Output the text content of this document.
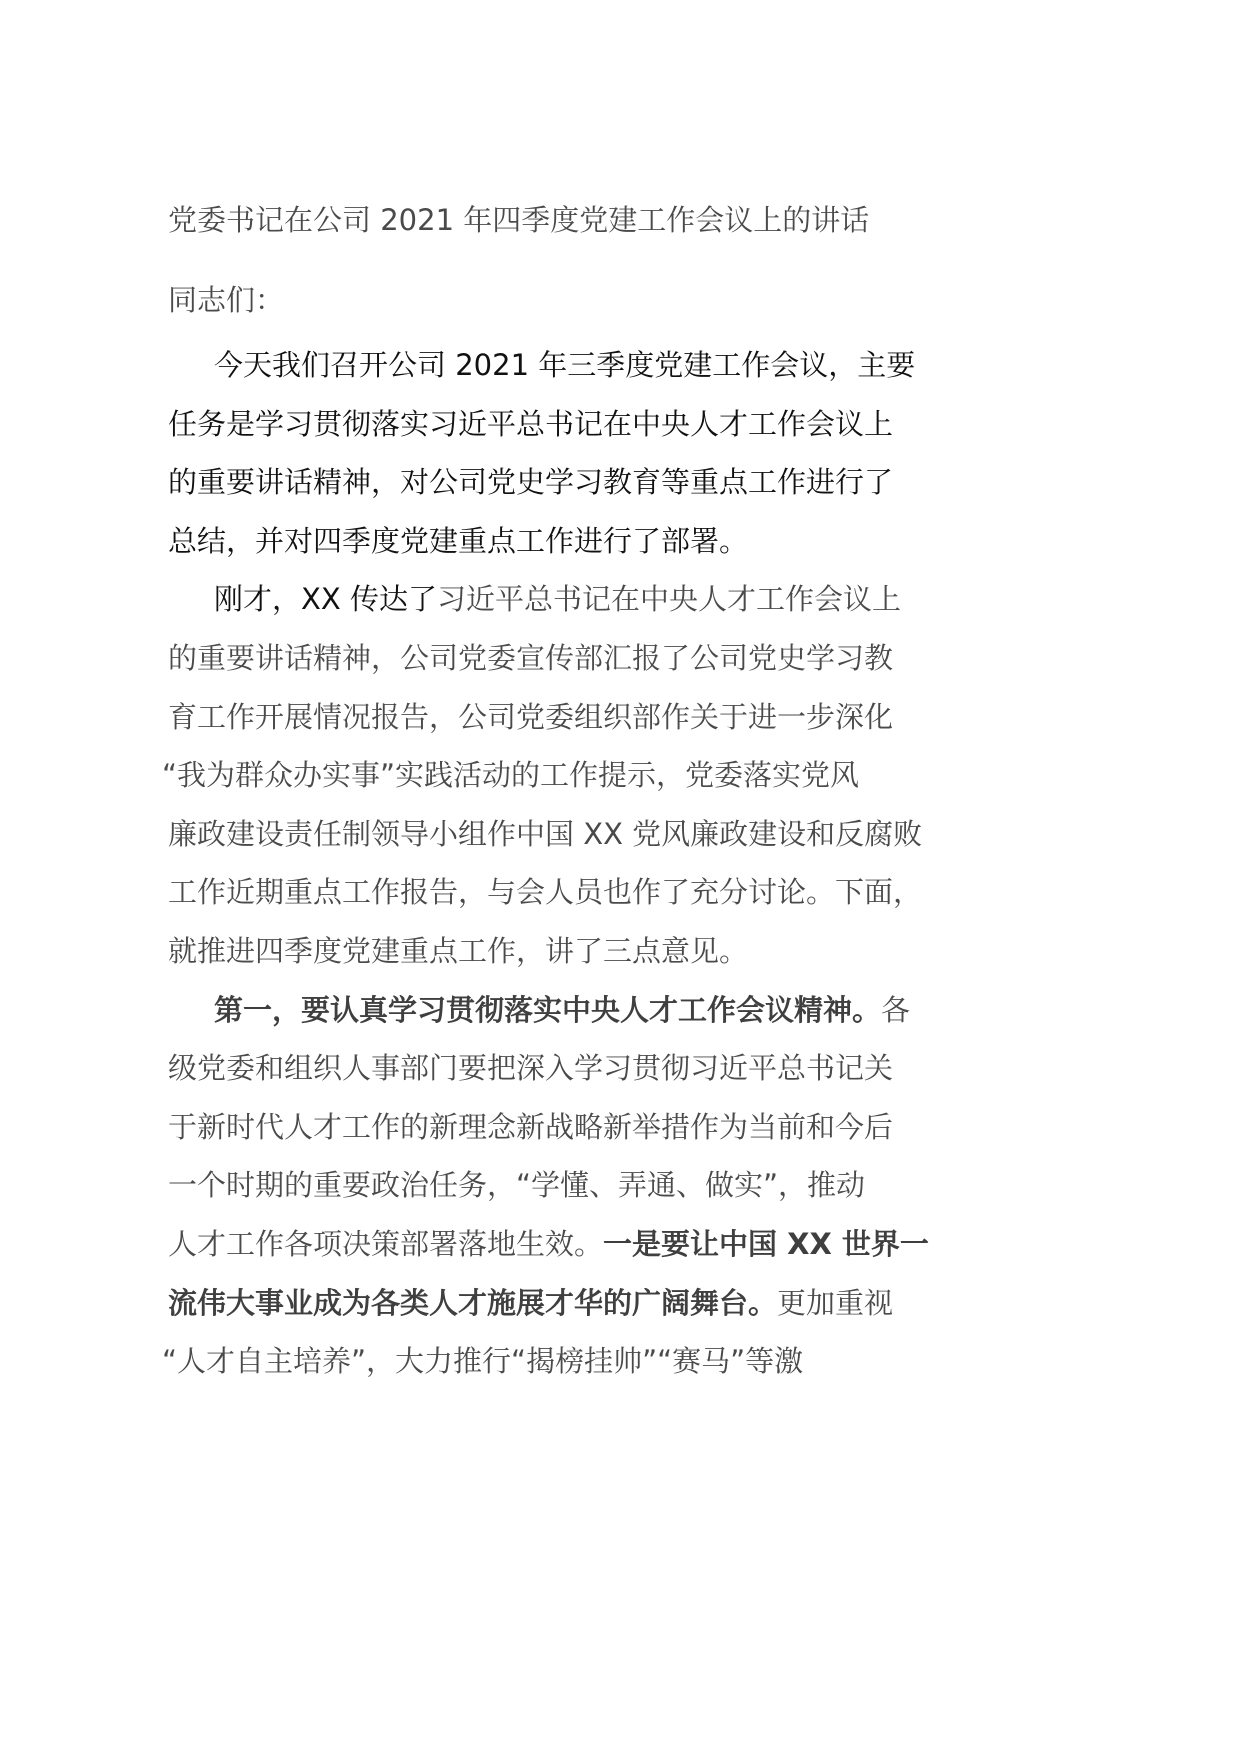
党委书记在公司 2021 年四季度党建工作会议上的讲话
同志们：
今天我们召开公司 2021 年三季度党建工作会议，主要
任务是学习贯彻落实习近平总书记在中央人才工作会议上
的重要讲话精神，对公司党史学习教育等重点工作进行了
总结，并对四季度党建重点工作进行了部署。
刚才，XX 传达了习近平总书记在中央人才工作会议上
的重要讲话精神，公司党委宣传部汇报了公司党史学习教
育工作开展情况报告，公司党委组织部作关于进一步深化
“我为群众办实事”实践活动的工作提示，党委落实党风
廉政建设责任制领导小组作中国 XX 党风廉政建设和反腐败
工作近期重点工作报告，与会人员也作了充分讨论。下面，
就推进四季度党建重点工作，讲了三点意见。
第一，要认真学习贯彻落实中央人才工作会议精神。各
级党委和组织人事部门要把深入学习贯彻习近平总书记关
于新时代人才工作的新理念新战略新举措作为当前和今后
一个时期的重要政治任务，“学懂、弄通、做实”，推动
人才工作各项决策部署落地生效。一是要让中国 XX 世界一
流伟大事业成为各类人才施展才华的广阔舞台。更加重视
“人才自主培养”，大力推行“揭榜挂帅”“赛马”等激
